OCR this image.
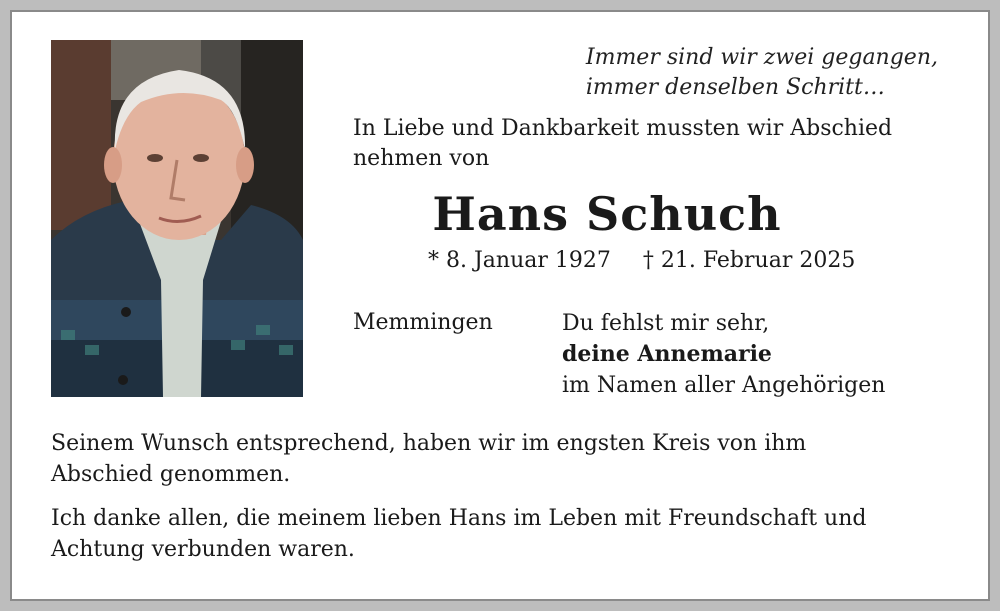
Immer sind wir zwei gegangen,
immer denselben Schritt…
In Liebe und Dankbarkeit mussten wir Abschied
nehmen von
Hans Schuch
* 8. Januar 1927 † 21. Februar 2025
Memmingen	Du fehlst mir sehr,
deine Annemarie
im Namen aller Angehörigen
Seinem Wunsch entsprechend, haben wir im engsten Kreis von ihm
Abschied genommen.
Ich danke allen, die meinem lieben Hans im Leben mit Freundschaft und
Achtung verbunden waren.
